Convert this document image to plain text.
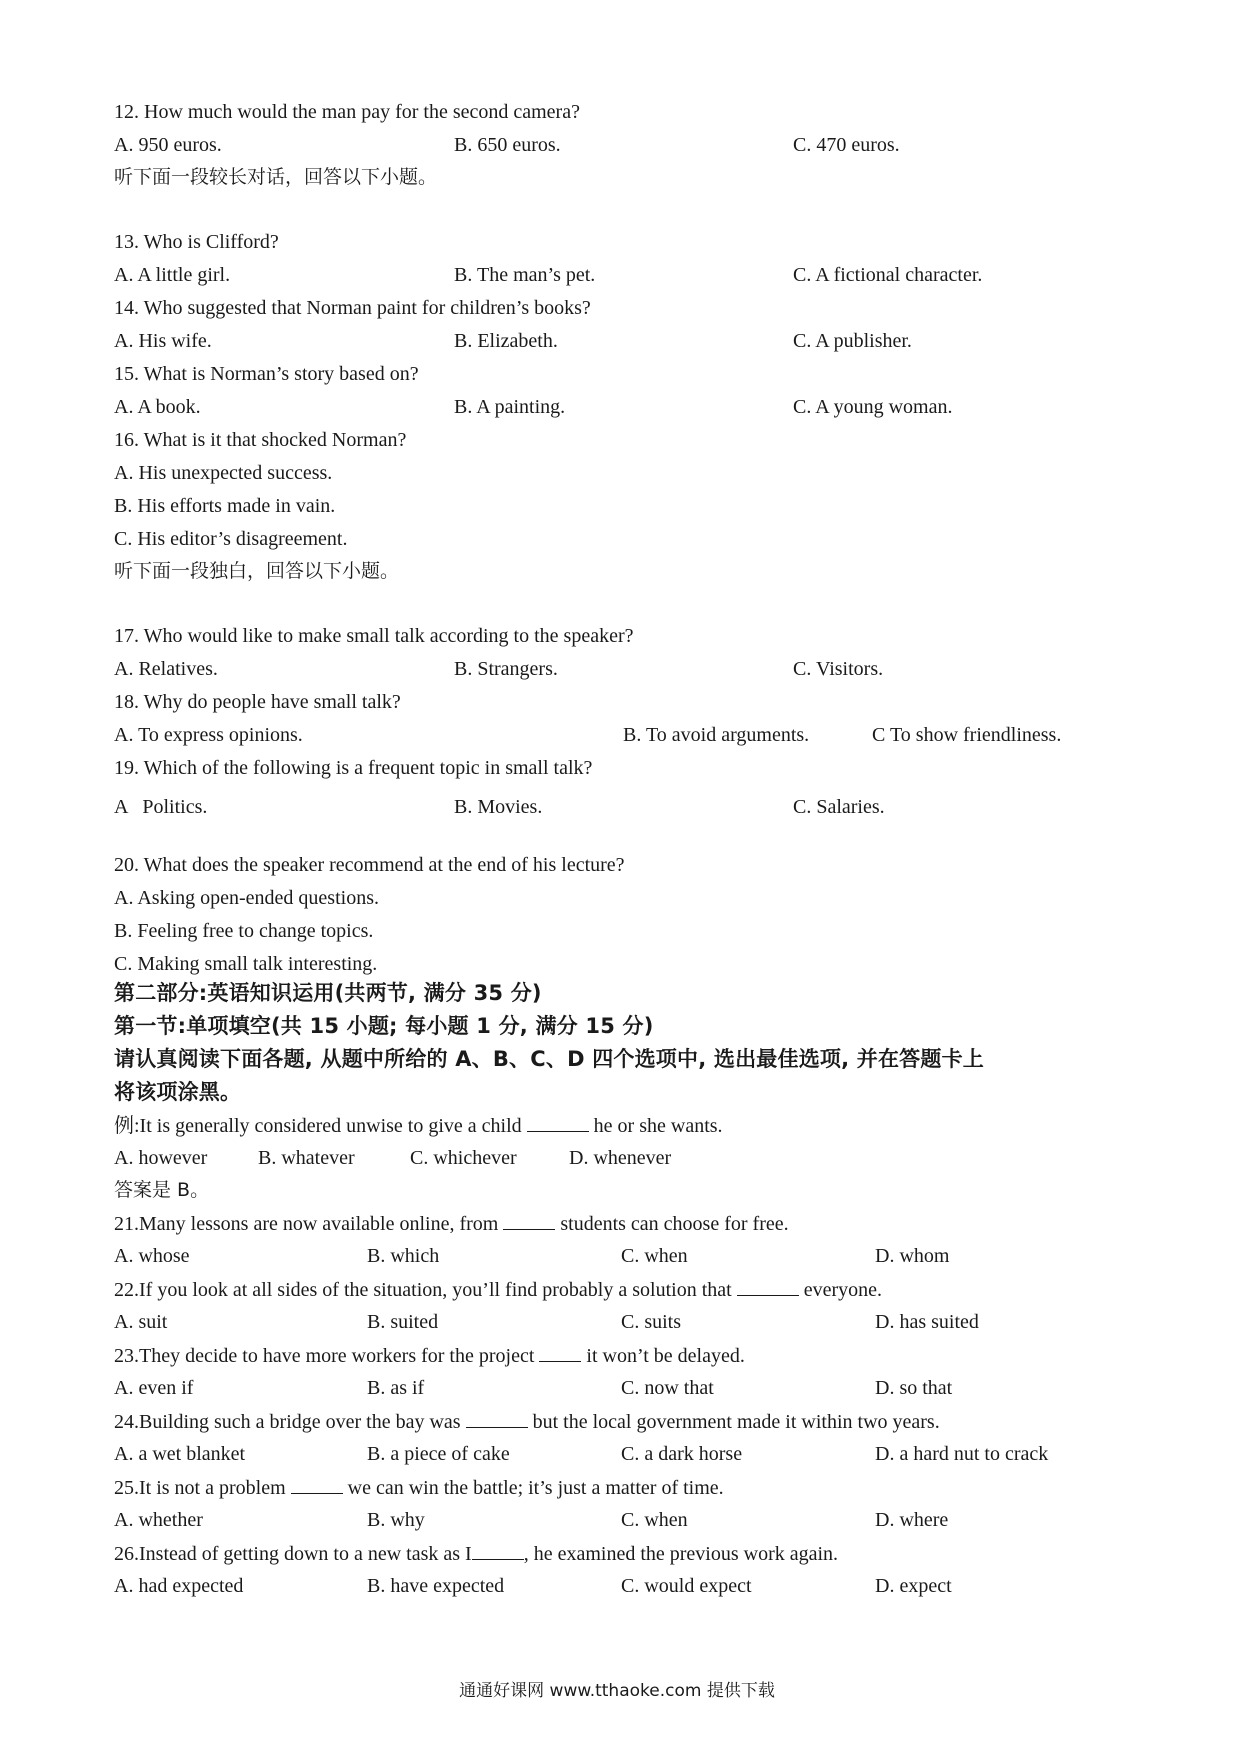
12. How much would the man pay for the second camera?
A. 950 euros.	B. 650 euros.	C. 470 euros.
听下面一段较长对话，回答以下小题。
13. Who is Clifford?
A. A little girl.	B. The man’s pet.	C. A fictional character.
14. Who suggested that Norman paint for children’s books?
A. His wife.	B. Elizabeth.	C. A publisher.
15. What is Norman’s story based on?
A. A book.	B. A painting.	C. A young woman.
16. What is it that shocked Norman?
A. His unexpected success.
B. His efforts made in vain.
C. His editor’s disagreement.
听下面一段独白，回答以下小题。
17. Who would like to make small talk according to the speaker?
A. Relatives.	B. Strangers.	C. Visitors.
18. Why do people have small talk?
A. To express opinions.	B. To avoid arguments.	C To show friendliness.
19. Which of the following is a frequent topic in small talk?
A   Politics.	B. Movies.	C. Salaries.
20. What does the speaker recommend at the end of his lecture?
A. Asking open-ended questions.
B. Feeling free to change topics.
C. Making small talk interesting.
第二部分:英语知识运用(共两节, 满分 35 分)
第一节:单项填空(共 15 小题; 每小题 1 分, 满分 15 分)
请认真阅读下面各题, 从题中所给的 A、B、C、D 四个选项中, 选出最佳选项, 并在答题卡上
将该项涂黑。
例:It is generally considered unwise to give a child	he or she wants.
A. however	B. whatever	C. whichever	D. whenever
答案是 B。
21.Many lessons are now available online, from	students can choose for free.
A. whose	B. which	C. when	D. whom
22.If you look at all sides of the situation, you’ll find probably a solution that	everyone.
A. suit	B. suited	C. suits	D. has suited
23.They decide to have more workers for the project	it won’t be delayed.
A. even if	B. as if	C. now that	D. so that
24.Building such a bridge over the bay was	but the local government made it within two years.
A. a wet blanket	B. a piece of cake	C. a dark horse	D. a hard nut to crack
25.It is not a problem	we can win the battle; it’s just a matter of time.
A. whether	B. why	C. when	D. where
26.Instead of getting down to a new task as I	, he examined the previous work again.
A. had expected	B. have expected	C. would expect	D. expect
通通好课网 www.tthaoke.com 提供下载
